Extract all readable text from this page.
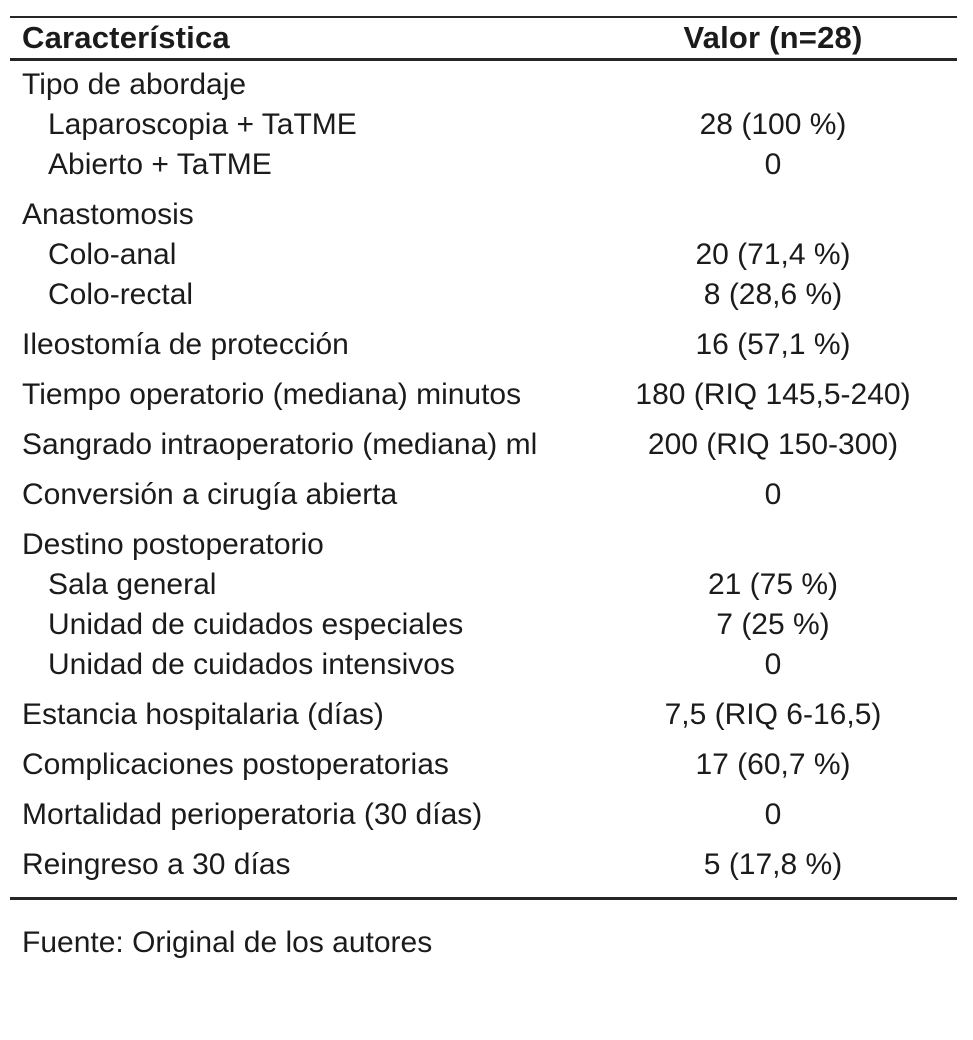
Característica	Valor (n=28)
Tipo de abordaje
Laparoscopia + TaTME	28 (100 %)
Abierto + TaTME	0
Anastomosis
Colo-anal	20 (71,4 %)
Colo-rectal	8 (28,6 %)
Ileostomía de protección	16 (57,1 %)
Tiempo operatorio (mediana) minutos	180 (RIQ 145,5-240)
Sangrado intraoperatorio (mediana) ml	200 (RIQ 150-300)
Conversión a cirugía abierta	0
Destino postoperatorio
Sala general	21 (75 %)
Unidad de cuidados especiales	7 (25 %)
Unidad de cuidados intensivos	0
Estancia hospitalaria (días)	7,5 (RIQ 6-16,5)
Complicaciones postoperatorias	17 (60,7 %)
Mortalidad perioperatoria (30 días)	0
Reingreso a 30 días	5 (17,8 %)
Fuente: Original de los autores
